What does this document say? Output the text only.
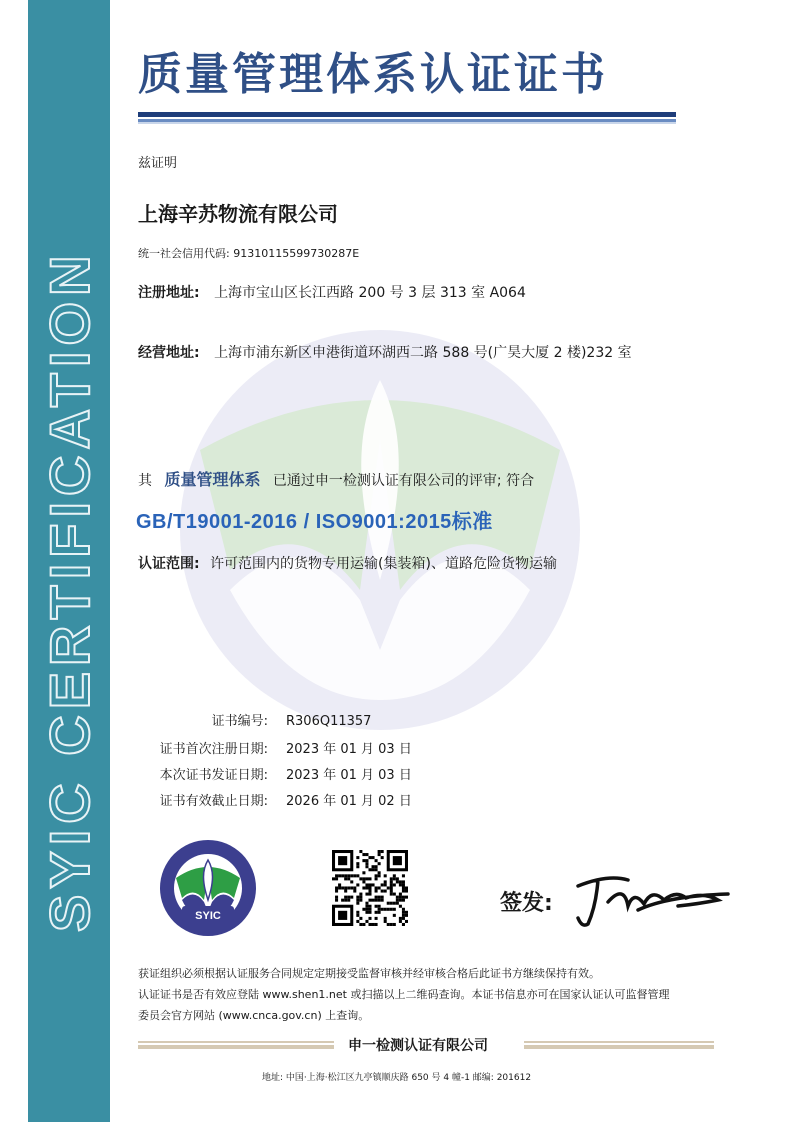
SYIC CERTIFICATION
质量管理体系认证证书
兹证明
上海辛苏物流有限公司
统一社会信用代码: 91310115599730287E
注册地址: 上海市宝山区长江西路 200 号 3 层 313 室 A064
经营地址: 上海市浦东新区申港街道环湖西二路 588 号(广昊大厦 2 楼)232 室
其 质量管理体系 已通过申一检测认证有限公司的评审; 符合
GB/T19001-2016 / ISO9001:2015标准
认证范围: 许可范围内的货物专用运输(集装箱)、道路危险货物运输
证书编号: R306Q11357
证书首次注册日期: 2023 年 01 月 03 日
本次证书发证日期: 2023 年 01 月 03 日
证书有效截止日期: 2026 年 01 月 02 日
SYIC	签发:
获证组织必须根据认证服务合同规定定期接受监督审核并经审核合格后此证书方继续保持有效。
认证证书是否有效应登陆 www.shen1.net 或扫描以上二维码查询。本证书信息亦可在国家认证认可监督管理
委员会官方网站 (www.cnca.gov.cn) 上查询。
申一检测认证有限公司
地址: 中国·上海·松江区九亭镇顺庆路 650 号 4 幢-1 邮编: 201612
